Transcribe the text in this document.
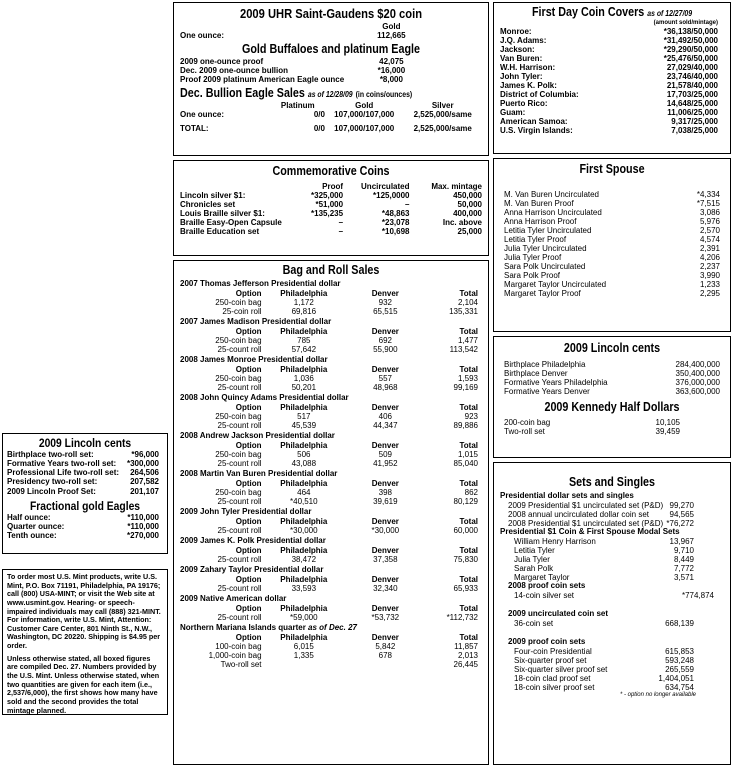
2009 UHR Saint-Gaudens $20 coin
	Gold	
One ounce:	112,665	
Gold Buffaloes and platinum Eagle
2009 one-ounce proof	42,075	
Dec. 2009 one-ounce bullion	*16,000	
Proof 2009 platinum American Eagle ounce	*8,000	
Dec. Bullion Eagle Sales as of 12/28/09 (in coins/ounces)
	Platinum	Gold	Silver
One ounce:	0/0	107,000/107,000	2,525,000/same

TOTAL:	0/0	107,000/107,000	2,525,000/same
Commemorative Coins
	Proof	Uncirculated	Max. mintage
Lincoln silver $1:	*325,000	*125,0000	450,000
Chronicles set	*51,000	–	50,000
Louis Braille silver $1:	*135,235	*48,863	400,000
Braille Easy-Open Capsule	–	*23,078	Inc. above
Braille Education set	–	*10,698	25,000
Bag and Roll Sales
2007 Thomas Jefferson Presidential dollar
Option	Philadelphia	Denver	Total
250-coin bag	1,172	932	2,104
25-coin roll	69,816	65,515	135,331
2007 James Madison Presidential dollar
Option	Philadelphia	Denver	Total
250-coin bag	785	692	1,477
25-count roll	57,642	55,900	113,542
2008 James Monroe Presidential dollar
Option	Philadelphia	Denver	Total
250-coin bag	1,036	557	1,593
25-count roll	50,201	48,968	99,169
2008 John Quincy Adams Presidential dollar
Option	Philadelphia	Denver	Total
250-coin bag	517	406	923
25-count roll	45,539	44,347	89,886
2008 Andrew Jackson Presidential dollar
Option	Philadelphia	Denver	Total
250-coin bag	506	509	1,015
25-count roll	43,088	41,952	85,040
2008 Martin Van Buren Presidential dollar
Option	Philadelphia	Denver	Total
250-coin bag	464	398	862
25-count roll	*40,510	39,619	80,129
2009 John Tyler Presidential dollar
Option	Philadelphia	Denver	Total
25-count roll	*30,000	*30,000	60,000
2009 James K. Polk Presidential dollar
Option	Philadelphia	Denver	Total
25-count roll	38,472	37,358	75,830
2009 Zahary Taylor Presidential dollar
Option	Philadelphia	Denver	Total
25-count roll	33,593	32,340	65,933
2009 Native American dollar
Option	Philadelphia	Denver	Total
25-count roll	*59,000	*53,732	*112,732
Northern Mariana Islands quarter as of Dec. 27
Option	Philadelphia	Denver	Total
100-coin bag	6,015	5,842	11,857
1,000-coin bag	1,335	678	2,013
Two-roll set			26,445
First Day Coin Covers as of 12/27/09
(amount sold/mintage)
Monroe:	*36,138/50,000
J.Q. Adams:	*31,492/50,000
Jackson:	*29,290/50,000
Van Buren:	*25,476/50,000
W.H. Harrison:	27,029/40,000
John Tyler:	23,746/40,000
James K. Polk:	21,578/40,000
District of Columbia:	17,703/25,000
Puerto Rico:	14,648/25,000
Guam:	11,006/25,000
American Samoa:	9,317/25,000
U.S. Virgin Islands:	7,038/25,000
First Spouse
M. Van Buren Uncirculated	*4,334
M. Van Buren Proof	*7,515
Anna Harrison Uncirculated	3,086
Anna Harrison Proof	5,976
Letitia Tyler Uncirculated	2,570
Letitia Tyler Proof	4,574
Julia Tyler Uncirculated	2,391
Julia Tyler Proof	4,206
Sara Polk Uncirculated	2,237
Sara Polk Proof	3,990
Margaret Taylor Uncirculated	1,233
Margaret Taylor Proof	2,295
2009 Lincoln cents
Birthplace Philadelphia	284,400,000
Birthplace Denver	350,400,000
Formative Years Philadelphia	376,000,000
Formative Years Denver	363,600,000
2009 Kennedy Half Dollars
200-coin bag	10,105
Two-roll set	39,459
Sets and Singles
Presidential dollar sets and singles
2009 Presidential $1 uncirculated set (P&D)	99,270
2008 annual uncirculated dollar coin set	94,565
2008 Presidential $1 uncirculated set (P&D)	*76,272
Presidential $1 Coin & First Spouse Modal Sets
William Henry Harrison	13,967
Letitia Tyler	9,710
Julia Tyler	8,449
Sarah Polk	7,772
Margaret Taylor	3,571
2008 proof coin sets
14-coin silver set	*774,874
2009 uncirculated coin set
36-coin set	668,139
2009 proof coin sets
Four-coin Presidential	615,853
Six-quarter proof set	593,248
Six-quarter silver proof set	265,559
18-coin clad proof set	1,404,051
18-coin silver proof set	634,754
* - option no longer available
2009 Lincoln cents
Birthplace two-roll set:	*96,000
Formative Years two-roll set:	*300,000
Professional Life two-roll set:	264,506
Presidency two-roll set:	207,582
2009 Lincoln Proof Set:	201,107
Fractional gold Eagles
Half ounce:	*110,000
Quarter ounce:	*110,000
Tenth ounce:	*270,000
To order most U.S. Mint products, write U.S. Mint, P.O. Box 71191, Philadelphia, PA 19176; call (800) USA-MINT; or visit the Web site at www.usmint.gov. Hearing- or speech-impaired individuals may call (888) 321-MINT. For information, write U.S. Mint, Attention: Customer Care Center, 801 Ninth St., N.W., Washington, DC 20220. Shipping is $4.95 per order.
Unless otherwise stated, all boxed figures are compiled Dec. 27. Numbers provided by the U.S. Mint. Unless otherwise stated, when two quantities are given for each item (i.e., 2,537/6,000), the first shows how many have sold and the second provides the total mintage planned.
